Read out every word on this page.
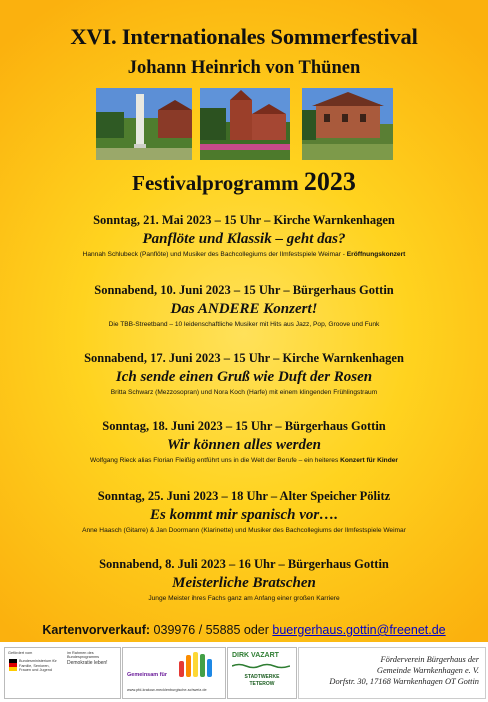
XVI. Internationales Sommerfestival
Johann Heinrich von Thünen
Festivalprogramm 2023
Sonntag, 21. Mai 2023 – 15 Uhr – Kirche Warnkenhagen
Panflöte und Klassik – geht das?
Hannah Schlubeck (Panflöte) und Musiker des Bachcollegiums der Ilmfestspiele Weimar - Eröffnungskonzert
Sonnabend, 10. Juni 2023 – 15 Uhr – Bürgerhaus Gottin
Das ANDERE Konzert!
Die TBB-Streetband – 10 leidenschaftliche Musiker mit Hits aus Jazz, Pop, Groove und Funk
Sonnabend, 17. Juni 2023 – 15 Uhr – Kirche Warnkenhagen
Ich sende einen Gruß wie Duft der Rosen
Britta Schwarz (Mezzosopran) und Nora Koch (Harfe) mit einem klingenden Frühlingstraum
Sonntag, 18. Juni 2023 – 15 Uhr – Bürgerhaus Gottin
Wir können alles werden
Wolfgang Rieck alias Florian Fleißig entführt uns in die Welt der Berufe – ein heiteres Konzert für Kinder
Sonntag, 25. Juni 2023 – 18 Uhr – Alter Speicher Pölitz
Es kommt mir spanisch vor….
Anne Haasch (Gitarre) & Jan Doormann (Klarinette) und Musiker des Bachcollegiums der Ilmfestspiele Weimar
Sonnabend, 8. Juli 2023 – 16 Uhr – Bürgerhaus Gottin
Meisterliche Bratschen
Junge Meister ihres Fachs ganz am Anfang einer großen Karriere
Kartenvorverkauf: 039976 / 55885 oder buergerhaus.gottin@freenet.de
Gefördert vom
Bundesministerium für Familie, Senioren, Frauen und Jugend
im Rahmen des Bundesprogramms
Demokratie leben!
Gemeinsam für
www.pfd-krakow-mecklenburgische-schweiz.de
DIRK VAZART
STADTWERKE TETEROW
Förderverein Bürgerhaus der
Gemeinde Warnkenhagen e. V.
Dorfstr. 30, 17168 Warnkenhagen OT Gottin
